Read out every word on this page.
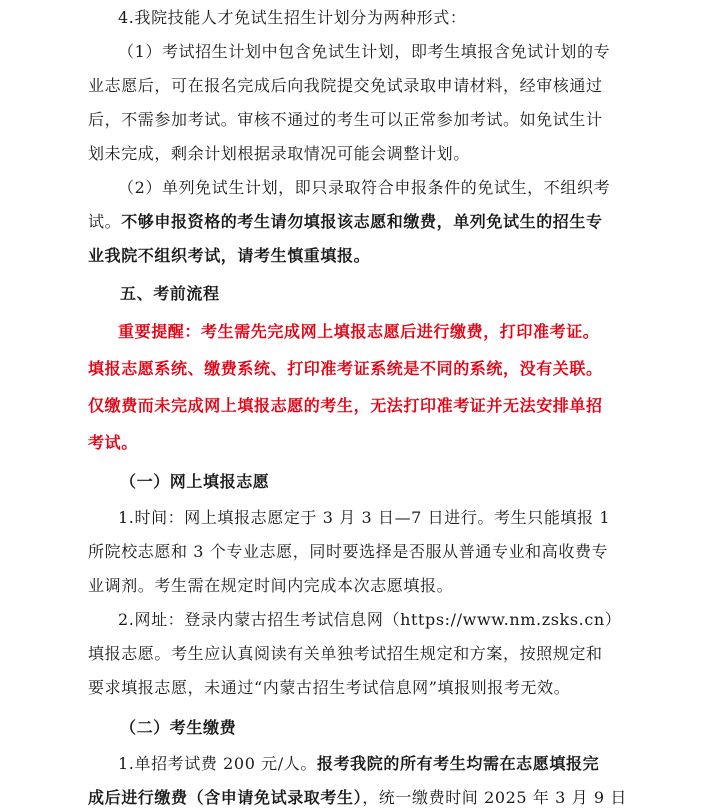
4.我院技能人才免试生招生计划分为两种形式：
（1）考试招生计划中包含免试生计划，即考生填报含免试计划的专
业志愿后，可在报名完成后向我院提交免试录取申请材料，经审核通过
后，不需参加考试。审核不通过的考生可以正常参加考试。如免试生计
划未完成，剩余计划根据录取情况可能会调整计划。
（2）单列免试生计划，即只录取符合申报条件的免试生，不组织考
试。不够申报资格的考生请勿填报该志愿和缴费，单列免试生的招生专
业我院不组织考试，请考生慎重填报。
五、考前流程
重要提醒：考生需先完成网上填报志愿后进行缴费，打印准考证。
填报志愿系统、缴费系统、打印准考证系统是不同的系统，没有关联。
仅缴费而未完成网上填报志愿的考生，无法打印准考证并无法安排单招
考试。
（一）网上填报志愿
1.时间：网上填报志愿定于 3 月 3 日—7 日进行。考生只能填报 1
所院校志愿和 3 个专业志愿，同时要选择是否服从普通专业和高收费专
业调剂。考生需在规定时间内完成本次志愿填报。
2.网址：登录内蒙古招生考试信息网（https://www.nm.zsks.cn）
填报志愿。考生应认真阅读有关单独考试招生规定和方案，按照规定和
要求填报志愿，未通过“内蒙古招生考试信息网”填报则报考无效。
（二）考生缴费
1.单招考试费 200 元/人。报考我院的所有考生均需在志愿填报完
成后进行缴费（含申请免试录取考生），统一缴费时间 2025 年 3 月 9 日
